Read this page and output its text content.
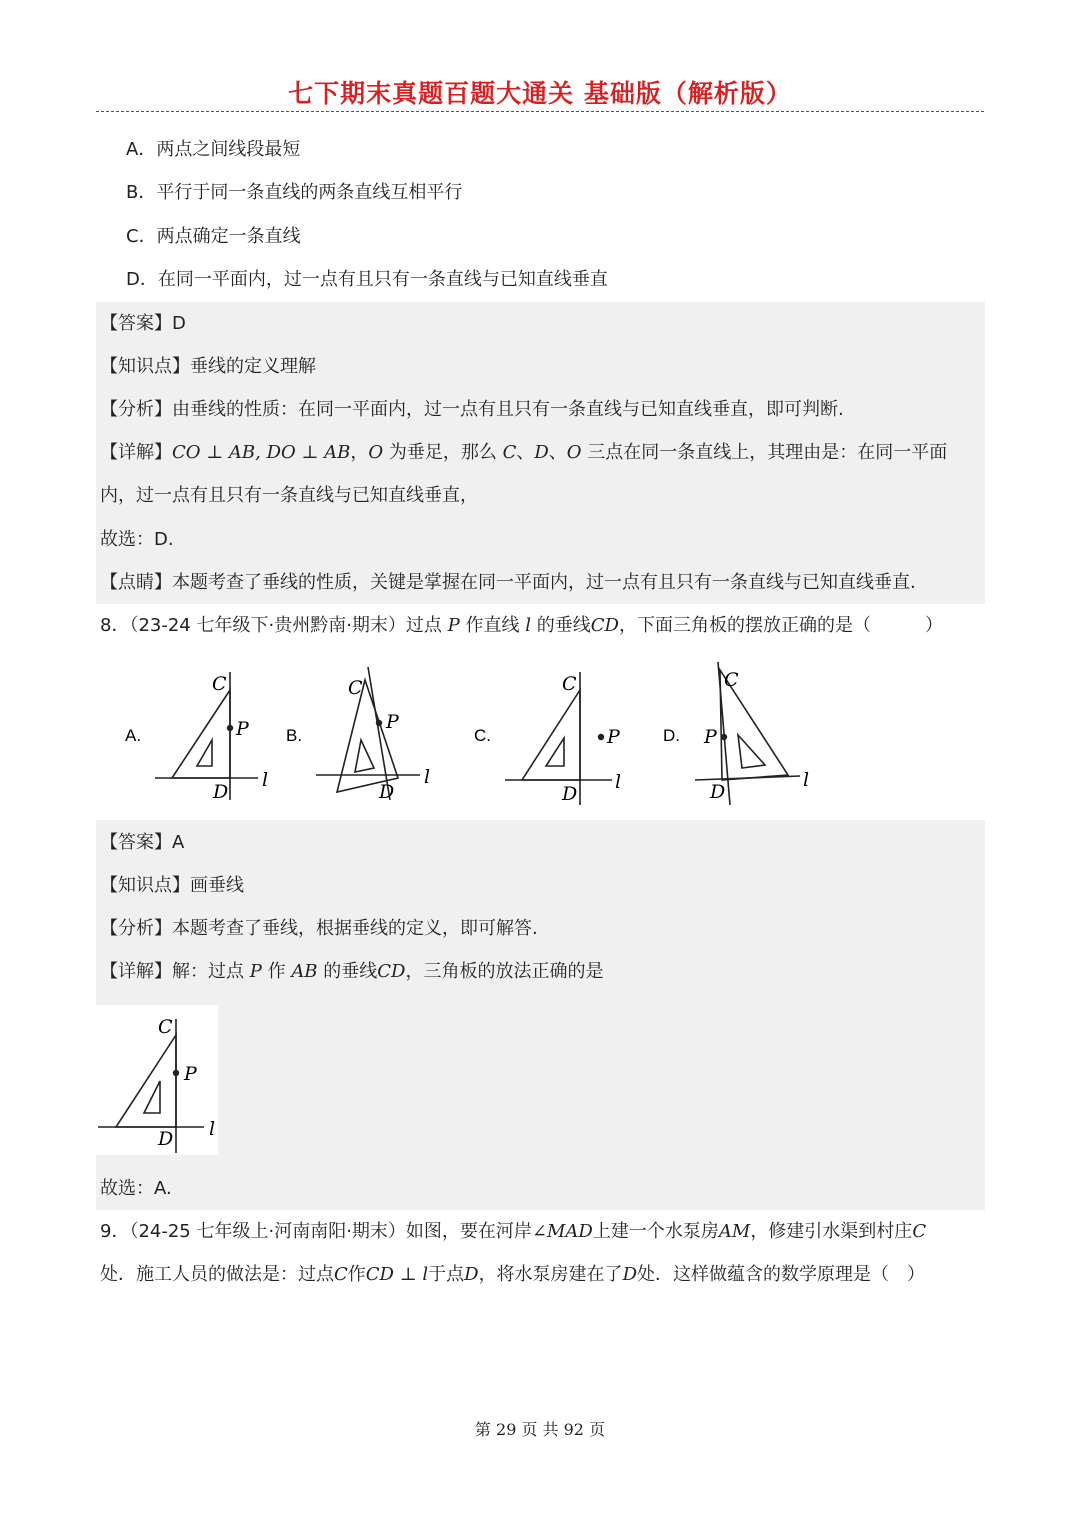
七下期末真题百题大通关 基础版（解析版）
A．两点之间线段最短
B．平行于同一条直线的两条直线互相平行
C．两点确定一条直线
D．在同一平面内，过一点有且只有一条直线与已知直线垂直
【答案】D
【知识点】垂线的定义理解
【分析】由垂线的性质：在同一平面内，过一点有且只有一条直线与已知直线垂直，即可判断.
【详解】CO ⊥ AB, DO ⊥ AB，O 为垂足，那么 C、D、O 三点在同一条直线上，其理由是：在同一平面
内，过一点有且只有一条直线与已知直线垂直，
故选：D.
【点睛】本题考查了垂线的性质，关键是掌握在同一平面内，过一点有且只有一条直线与已知直线垂直.
8．（23-24 七年级下·贵州黔南·期末）过点 P 作直线 l 的垂线CD，下面三角板的摆放正确的是（　　　）
A.
C
P
D
l
B.
C
P
D
l
C.
C
P
D
l
D.
C
P
D
l
【答案】A
【知识点】画垂线
【分析】本题考查了垂线，根据垂线的定义，即可解答.
【详解】解：过点 P 作 AB 的垂线CD，三角板的放法正确的是
C
P
D l
故选：A.
9．（24-25 七年级上·河南南阳·期末）如图，要在河岸∠MAD上建一个水泵房AM，修建引水渠到村庄C
处．施工人员的做法是：过点C作CD ⊥ l于点D，将水泵房建在了D处．这样做蕴含的数学原理是（　）
第 29 页 共 92 页
